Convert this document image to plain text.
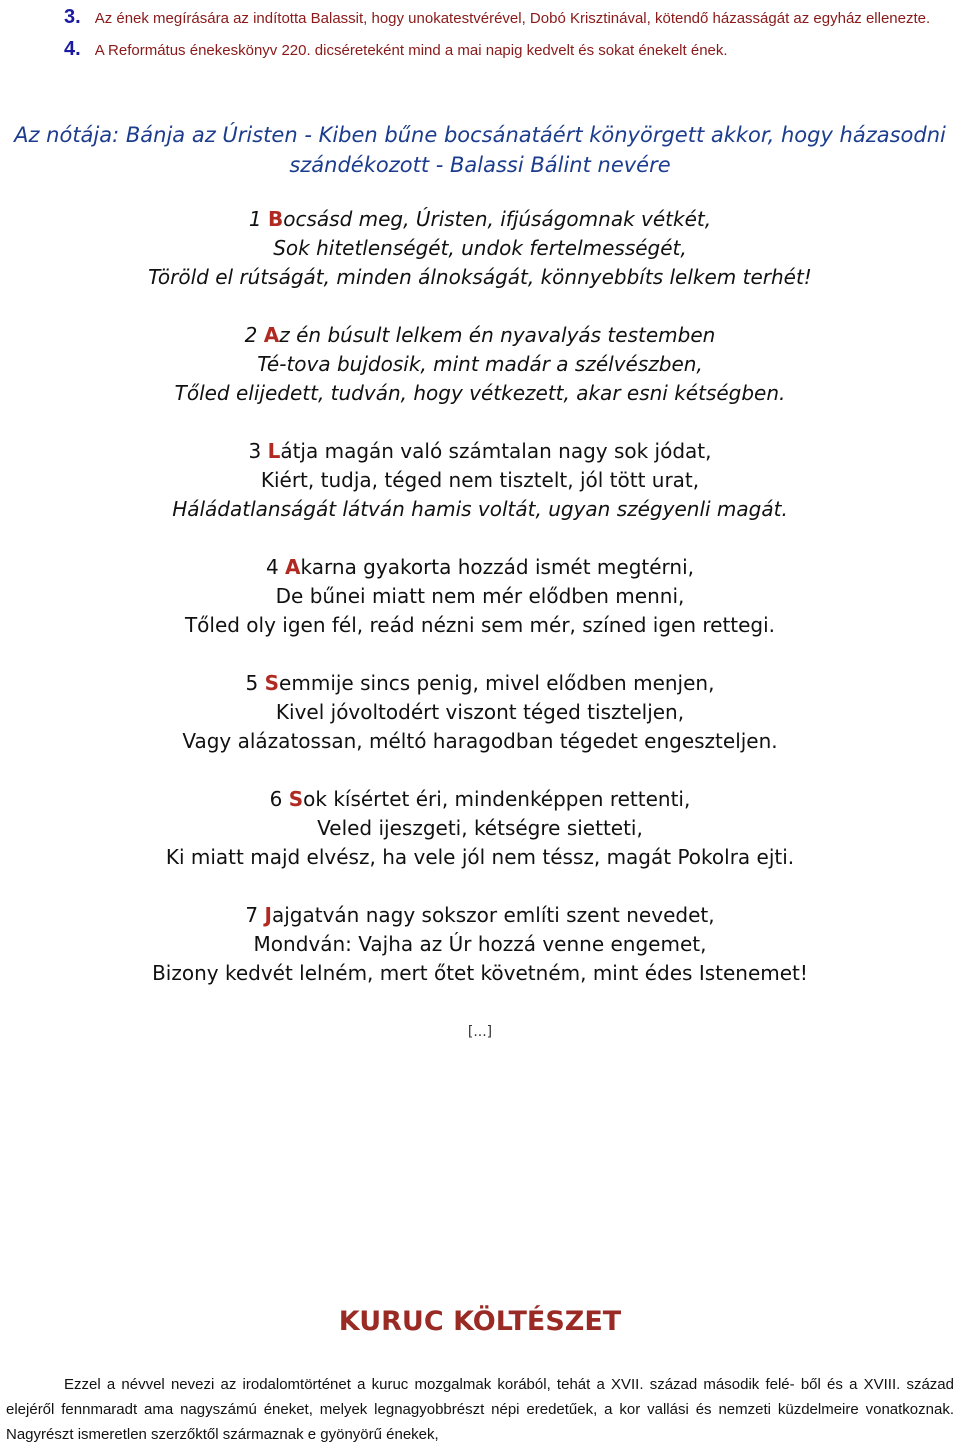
3. Az ének megírására az indította Balassit, hogy unokatestvérével, Dobó Krisztinával, kötendő házasságát az egyház ellenezte.
4. A Református énekeskönyv 220. dicséreteként mind a mai napig kedvelt és sokat énekelt ének.
Az nótája: Bánja az Úristen - Kiben bűne bocsánatáért könyörgett akkor, hogy házasodni szándékozott - Balassi Bálint nevére
1 Bocsásd meg, Úristen, ifjúságomnak vétkét,
Sok hitetlenségét, undok fertelmességét,
Töröld el rútságát, minden álnokságát, könnyebbíts lelkem terhét!
2 Az én búsult lelkem én nyavalyás testemben
Té-tova bujdosik, mint madár a szélvészben,
Tőled elijedett, tudván, hogy vétkezett, akar esni kétségben.
3 Látja magán való számtalan nagy sok jódat,
Kiért, tudja, téged nem tisztelt, jól tött urat,
Háládatlanságát látván hamis voltát, ugyan szégyenli magát.
4 Akarna gyakorta hozzád ismét megtérni,
De bűnei miatt nem mér elődben menni,
Tőled oly igen fél, reád nézni sem mér, színed igen rettegi.
5 Semmije sincs penig, mivel elődben menjen,
Kivel jóvoltodért viszont téged tiszteljen,
Vagy alázatossan, méltó haragodban tégedet engeszteljen.
6 Sok kísértet éri, mindenképpen rettenti,
Veled ijeszgeti, kétségre sietteti,
Ki miatt majd elvész, ha vele jól nem téssz, magát Pokolra ejti.
7 Jajgatván nagy sokszor említi szent nevedet,
Mondván: Vajha az Úr hozzá venne engemet,
Bizony kedvét lelném, mert őtet követném, mint édes Istenemet!
[...]
KURUC KÖLTÉSZET
Ezzel a névvel nevezi az irodalomtörténet a kuruc mozgalmak korából, tehát a XVII. század második felé- ből és a XVIII. század elejéről fennmaradt ama nagyszámú éneket, melyek legnagyobbrészt népi eredetűek, a kor vallási és nemzeti küzdelmeire vonatkoznak. Nagyrészt ismeretlen szerzőktől származnak e gyönyörű énekek,
